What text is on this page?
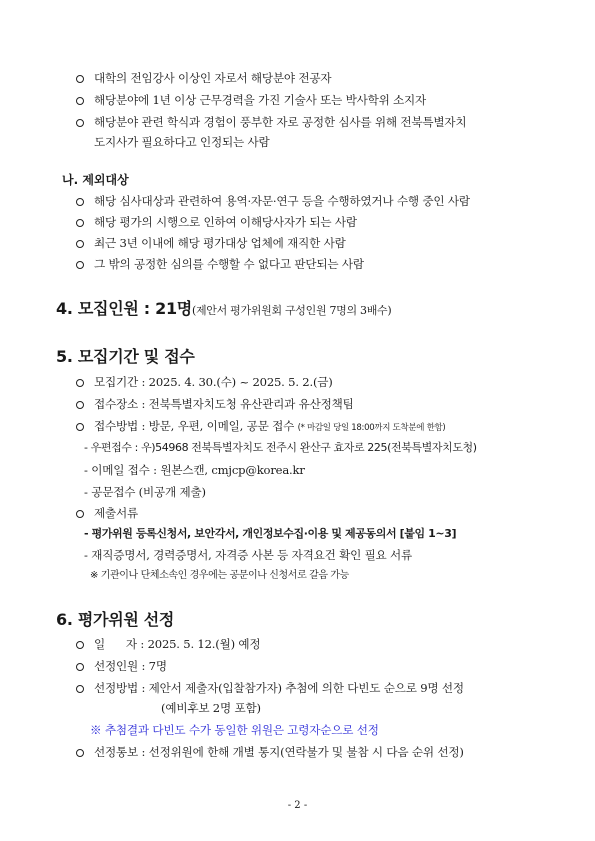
대학의 전임강사 이상인 자로서 해당분야 전공자
해당분야에 1년 이상 근무경력을 가진 기술사 또는 박사학위 소지자
해당분야 관련 학식과 경험이 풍부한 자로 공정한 심사를 위해 전북특별자치
도지사가 필요하다고 인정되는 사람
나. 제외대상
해당 심사대상과 관련하여 용역·자문·연구 등을 수행하였거나 수행 중인 사람
해당 평가의 시행으로 인하여 이해당사자가 되는 사람
최근 3년 이내에 해당 평가대상 업체에 재직한 사람
그 밖의 공정한 심의를 수행할 수 없다고 판단되는 사람
4. 모집인원 : 21명(제안서 평가위원회 구성인원 7명의 3배수)
5. 모집기간 및 접수
모집기간 : 2025. 4. 30.(수) ~ 2025. 5. 2.(금)
접수장소 : 전북특별자치도청 유산관리과 유산정책팀
접수방법 : 방문, 우편, 이메일, 공문 접수 (* 마감일 당일 18:00까지 도착분에 한함)
- 우편접수 : 우)54968 전북특별자치도 전주시 완산구 효자로 225(전북특별자치도청)
- 이메일 접수 : 원본스캔, cmjcp@korea.kr
- 공문접수 (비공개 제출)
제출서류
- 평가위원 등록신청서, 보안각서, 개인정보수집·이용 및 제공동의서 [붙임 1~3]
- 재직증명서, 경력증명서, 자격증 사본 등 자격요건 확인 필요 서류
※ 기관이나 단체소속인 경우에는 공문이나 신청서로 갈음 가능
6. 평가위원 선정
일      자 : 2025. 5. 12.(월) 예정
선정인원 : 7명
선정방법 : 제안서 제출자(입찰참가자) 추첨에 의한 다빈도 순으로 9명 선정
(예비후보 2명 포함)
※ 추첨결과 다빈도 수가 동일한 위원은 고령자순으로 선정
선정통보 : 선정위원에 한해 개별 통지(연락불가 및 불참 시 다음 순위 선정)
- 2 -
